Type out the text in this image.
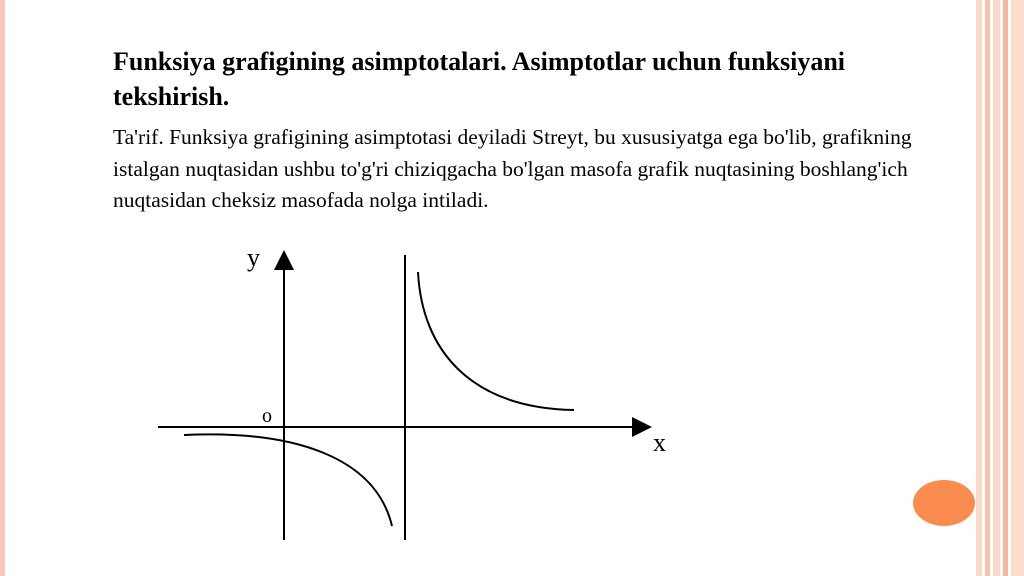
Funksiya grafigining asimptotalari. Asimptotlar uchun funksiyani tekshirish.
Ta'rif. Funksiya grafigining asimptotasi deyiladi Streyt, bu xususiyatga ega bo'lib, grafikning istalgan nuqtasidan ushbu to'g'ri chiziqgacha bo'lgan masofa grafik nuqtasining boshlang'ich nuqtasidan cheksiz masofada nolga intiladi.
y
x
o
